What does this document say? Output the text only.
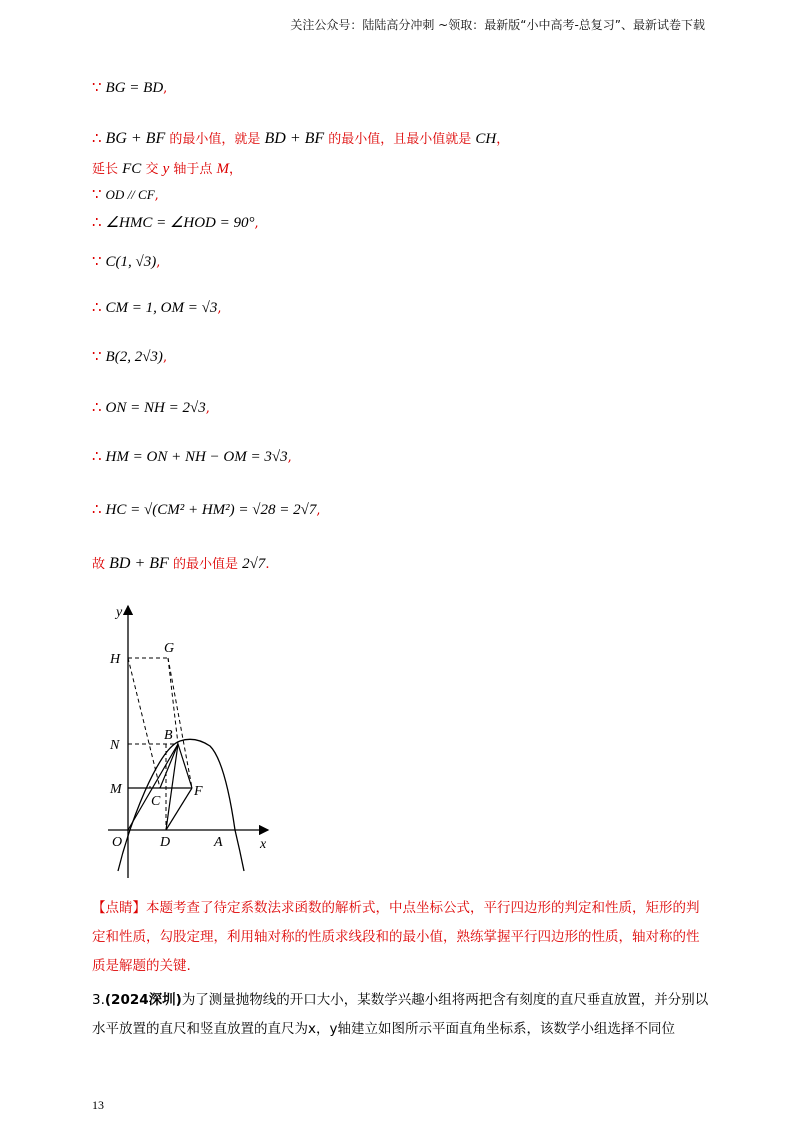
关注公众号：陆陆高分冲刺 ~领取：最新版“小中高考-总复习”、最新试卷下载
∵ BG = BD,
∴ BG + BF 的最小值，就是 BD + BF 的最小值，且最小值就是 CH，
延长 FC 交 y 轴于点 M，
∵ OD // CF,
∴ ∠HMC = ∠HOD = 90°,
∵ C(1, √3),
∴ CM = 1, OM = √3,
∵ B(2, 2√3),
∴ ON = NH = 2√3,
∴ HM = ON + NH − OM = 3√3,
∴ HC = √(CM² + HM²) = √28 = 2√7,
故 BD + BF 的最小值是 2√7.
y
x
H
G
N
B
M
C
F
O	D	A
【点睛】本题考查了待定系数法求函数的解析式，中点坐标公式，平行四边形的判定和性质，矩形的判定和性质，勾股定理，利用轴对称的性质求线段和的最小值，熟练掌握平行四边形的性质，轴对称的性质是解题的关键.
3.(2024深圳)为了测量抛物线的开口大小，某数学兴趣小组将两把含有刻度的直尺垂直放置，并分别以水平放置的直尺和竖直放置的直尺为x，y轴建立如图所示平面直角坐标系，该数学小组选择不同位
13
